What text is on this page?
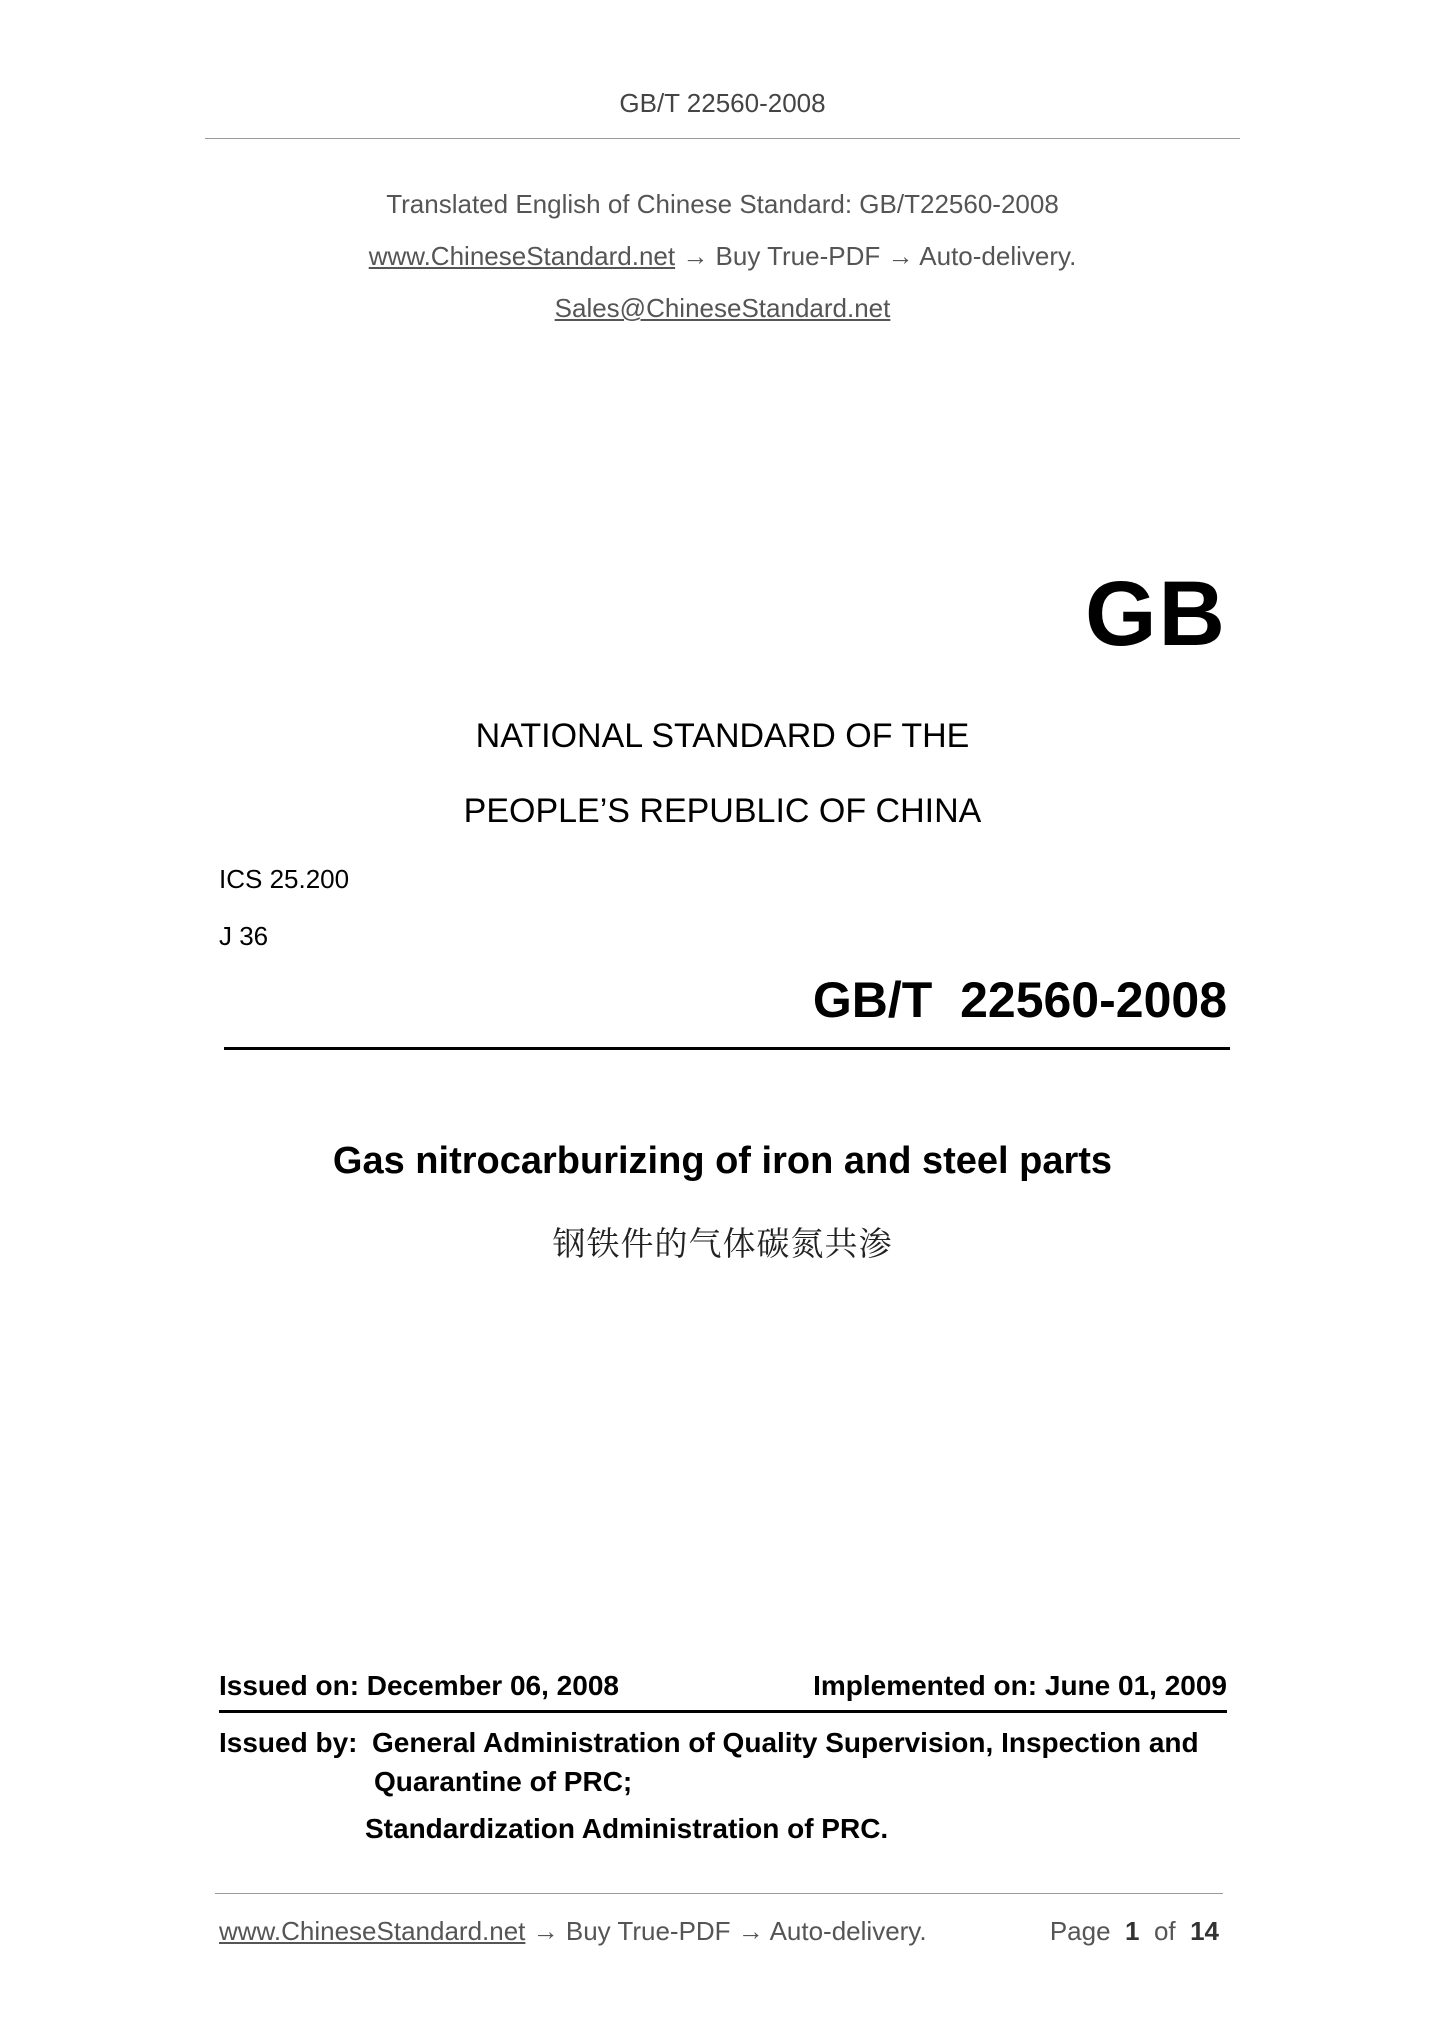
GB/T 22560-2008
Translated English of Chinese Standard: GB/T22560-2008
www.ChineseStandard.net → Buy True-PDF → Auto-delivery.
Sales@ChineseStandard.net
GB
NATIONAL STANDARD OF THE
PEOPLE’S REPUBLIC OF CHINA
ICS 25.200
J 36
GB/T  22560-2008
Gas nitrocarburizing of iron and steel parts
钢铁件的气体碳氮共渗
Issued on: December 06, 2008	Implemented on: June 01, 2009
Issued by: General Administration of Quality Supervision, Inspection and
Quarantine of PRC;
Standardization Administration of PRC.
www.ChineseStandard.net → Buy True-PDF → Auto-delivery.	Page 1 of 14
